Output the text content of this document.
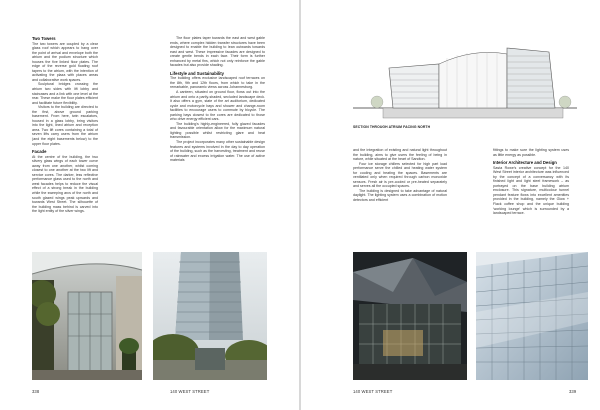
Two Towers

The two towers are coupled by a clear glass roof which appears to hang over the point of arrival and envelope both the atrium and the podium structure which houses the five linked floor plates. The edge of the reverse gold floating roof tapers to the atrium, with the intention of activating the plaza with places areas and collaborative work spaces.

Sculptural bridges crossing the atrium two sides with lift lobby and staircases and a link with one level at the rear. These make the floor plates efficient and facilitate future flexibility.

Visitors to the building are directed to the first, above ground parking basement. From here, twin escalators, housed in a glass lobby, bring visitors into the light, lined atrium and reception area. Two lift cores containing a total of seven lifts carry users from the atrium (and the eight basements below) to the upper floor plates.

Facade

At the centre of the building, the two silvery glass wings of each tower curve away from one another, whilst coming closest to one another at the two lift and service cores. The darker, less reflective performance glass used to the north and west facades helps to reduce the visual effect of a strong break in the building while the sweeping arcs of the north and south glazed wings peak upwards and towards West Street. The silhouette of the building mass behind is carved into the light entity of the silver wings.

The floor plates taper towards the east and west gable ends, where complex hidden transfer structures have been designed to enable the building to lean outwards towards east and west. These impressive facades are designed to create gentle bends in each face. Their form is further enhanced by metal fins, which not only reinforce the gable facades but also provide shading.

Lifestyle and Sustainability

The building offers exclusive landscaped roof terraces on the 8th, 9th and 12th floors, from which to take in the remarkable, panoramic views across Johannesburg.

A canteen, situated on ground floor, flows out into the atrium and onto a partly-shaded, secluded landscape deck. It also offers a gym, state of the art auditorium, dedicated cycle and motorcycle bays and shower and change-room facilities to encourage users to commute by bicycle. The parking bays closest to the cores are dedicated to those who drive energy efficient cars.

The building's highly-engineered, fully glazed facades and favourable orientation allow for the maximum natural lighting possible whilst restricting glare and heat transmission.

The project incorporates many other sustainable design features and systems involved in the day to day operation of the building, such as the harvesting, treatment and reuse of rainwater and excess irrigation water. The use of active materials

338	140 WEST STREET
SECTION THROUGH ATRIUM FACING NORTH

and the integration of existing and natural light throughout the building, aims to give users the feeling of being in nature, while situated at the heart of Sandton.

Four ice storage chillers selected for high part load performance serve the chilled and heating water system for cooling and heating the spaces. Basements are ventilated only when required through carbon monoxide sensors. Fresh air is pre-cooled or pre-heated separately and serves all the occupied spaces.

The building is designed to take advantage of natural daylight. The lighting system uses a combination of motion detectors and efficient

fittings to make sure the lighting system uses as little energy as possible.

Interior Architecture and Design

Sasta Rowe's creative concept for the 140 West Street interior architecture was influenced by the concept of a conversancy with its finished light and light steel framework – as portrayed on the base building atrium enclosure. This signature, multicolour tunnel pendant feature flows into excellent amenities provided in the building, namely the Glow + Flack coffee shop and the unique building 'working lounge' which is surrounded by a landscaped terrace.

140 WEST STREET	339
